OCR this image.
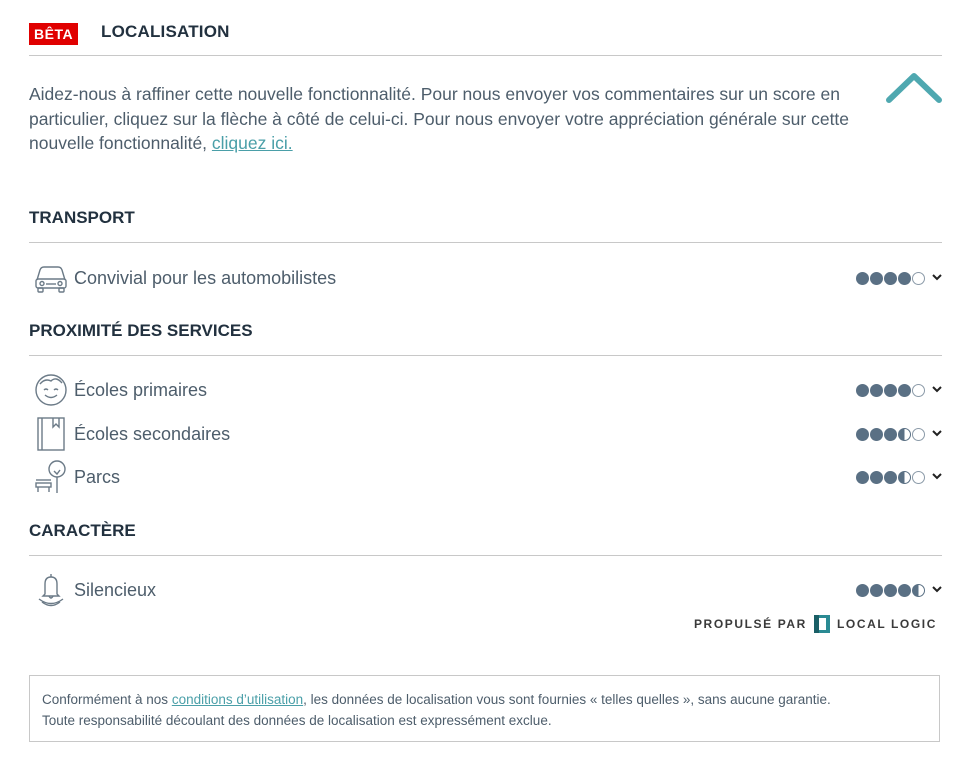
BÊTA LOCALISATION
Aidez-nous à raffiner cette nouvelle fonctionnalité. Pour nous envoyer vos commentaires sur un score en particulier, cliquez sur la flèche à côté de celui-ci. Pour nous envoyer votre appréciation générale sur cette nouvelle fonctionnalité, cliquez ici.
TRANSPORT
Convivial pour les automobilistes
PROXIMITÉ DES SERVICES
Écoles primaires
Écoles secondaires
Parcs
CARACTÈRE
Silencieux
PROPULSÉ PAR	LOCAL LOGIC
Conformément à nos conditions d’utilisation, les données de localisation vous sont fournies « telles quelles », sans aucune garantie.
Toute responsabilité découlant des données de localisation est expressément exclue.
